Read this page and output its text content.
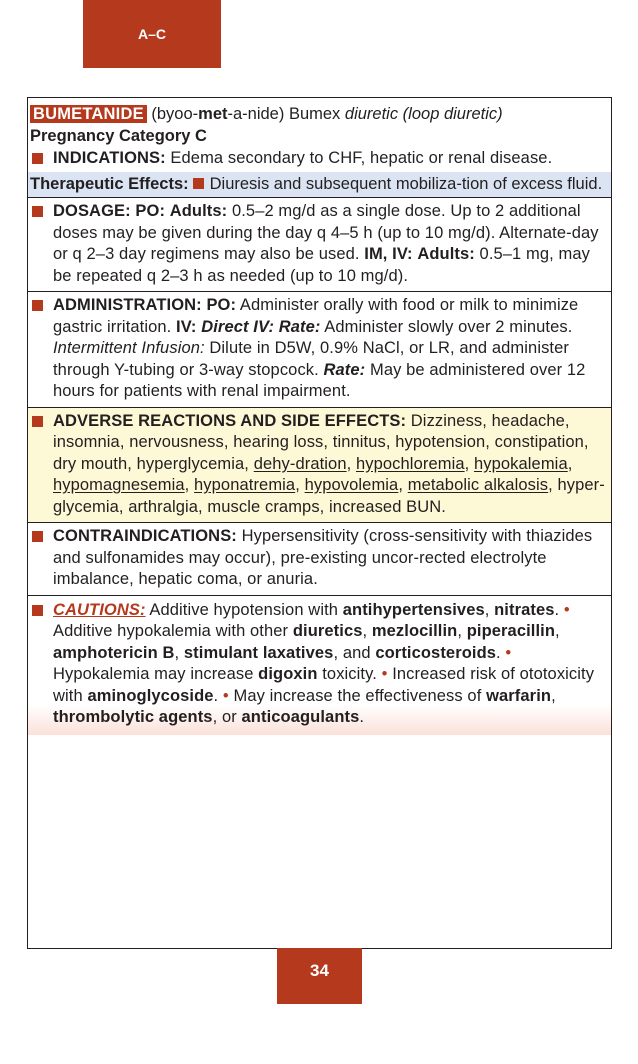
A–C
BUMETANIDE (byoo-met-a-nide) Bumex diuretic (loop diuretic)
Pregnancy Category C
INDICATIONS: Edema secondary to CHF, hepatic or renal disease.
Therapeutic Effects: Diuresis and subsequent mobiliza-tion of excess fluid.
DOSAGE: PO: Adults: 0.5–2 mg/d as a single dose. Up to 2 additional doses may be given during the day q 4–5 h (up to 10 mg/d). Alternate-day or q 2–3 day regimens may also be used. IM, IV: Adults: 0.5–1 mg, may be repeated q 2–3 h as needed (up to 10 mg/d).
ADMINISTRATION: PO: Administer orally with food or milk to minimize gastric irritation. IV: Direct IV: Rate: Administer slowly over 2 minutes. Intermittent Infusion: Dilute in D5W, 0.9% NaCl, or LR, and administer through Y-tubing or 3-way stopcock. Rate: May be administered over 12 hours for patients with renal impairment.
ADVERSE REACTIONS AND SIDE EFFECTS: Dizziness, headache, insomnia, nervousness, hearing loss, tinnitus, hypotension, constipation, dry mouth, hyperglycemia, dehy-dration, hypochloremia, hypokalemia, hypomagnesemia, hyponatremia, hypovolemia, metabolic alkalosis, hyper-glycemia, arthralgia, muscle cramps, increased BUN.
CONTRAINDICATIONS: Hypersensitivity (cross-sensitivity with thiazides and sulfonamides may occur), pre-existing uncor-rected electrolyte imbalance, hepatic coma, or anuria.
CAUTIONS: Additive hypotension with antihypertensives, nitrates. • Additive hypokalemia with other diuretics, mezlocillin, piperacillin, amphotericin B, stimulant laxatives, and corticosteroids. • Hypokalemia may increase digoxin toxicity. • Increased risk of ototoxicity with aminoglycoside. • May increase the effectiveness of warfarin, thrombolytic agents, or anticoagulants.
34
